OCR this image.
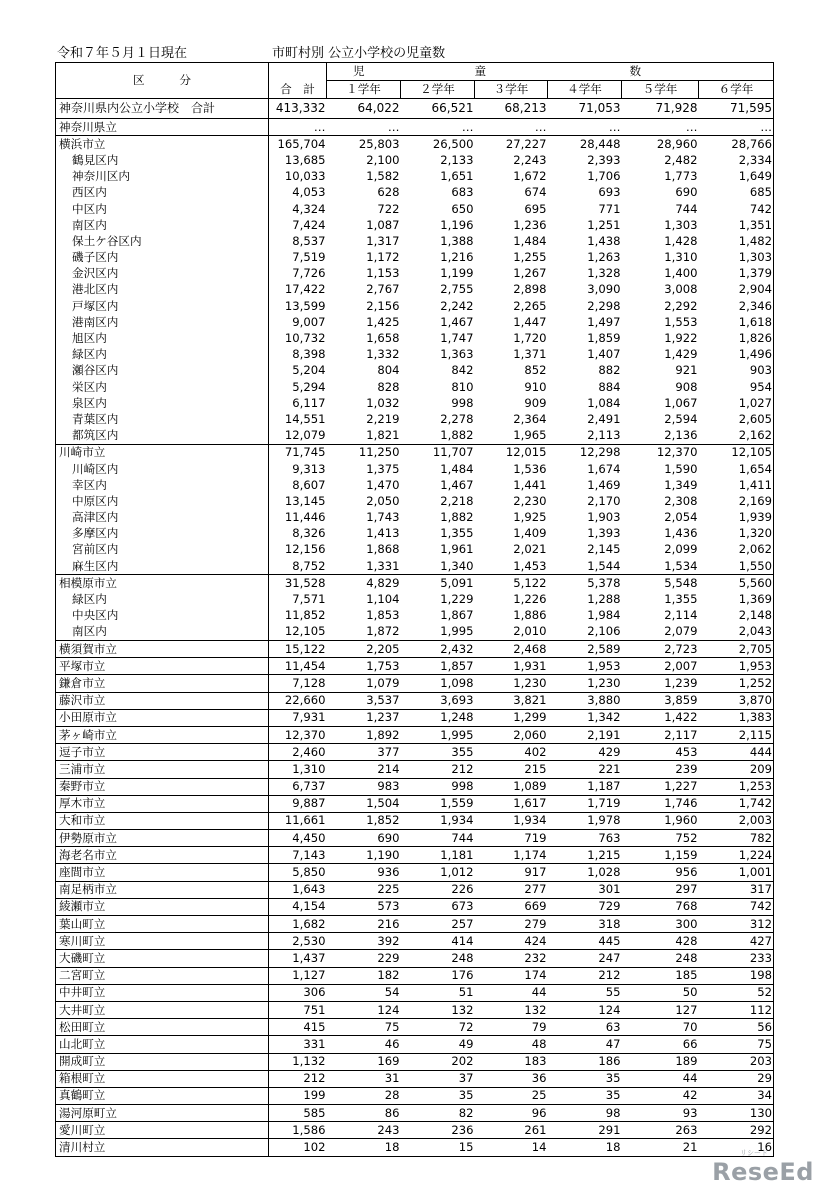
令和７年５月１日現在	市町村別 公立小学校の児童数
区　　　分		児		童		数	
	合　計	１学年	２学年	３学年	４学年	５学年	６学年
神奈川県内公立小学校　合計	413,332	64,022	66,521	68,213	71,053	71,928	71,595
神奈川県立	…	…	…	…	…	…	…
横浜市立	165,704	25,803	26,500	27,227	28,448	28,960	28,766
鶴見区内	13,685	2,100	2,133	2,243	2,393	2,482	2,334
神奈川区内	10,033	1,582	1,651	1,672	1,706	1,773	1,649
西区内	4,053	628	683	674	693	690	685
中区内	4,324	722	650	695	771	744	742
南区内	7,424	1,087	1,196	1,236	1,251	1,303	1,351
保土ケ谷区内	8,537	1,317	1,388	1,484	1,438	1,428	1,482
磯子区内	7,519	1,172	1,216	1,255	1,263	1,310	1,303
金沢区内	7,726	1,153	1,199	1,267	1,328	1,400	1,379
港北区内	17,422	2,767	2,755	2,898	3,090	3,008	2,904
戸塚区内	13,599	2,156	2,242	2,265	2,298	2,292	2,346
港南区内	9,007	1,425	1,467	1,447	1,497	1,553	1,618
旭区内	10,732	1,658	1,747	1,720	1,859	1,922	1,826
緑区内	8,398	1,332	1,363	1,371	1,407	1,429	1,496
瀬谷区内	5,204	804	842	852	882	921	903
栄区内	5,294	828	810	910	884	908	954
泉区内	6,117	1,032	998	909	1,084	1,067	1,027
青葉区内	14,551	2,219	2,278	2,364	2,491	2,594	2,605
都筑区内	12,079	1,821	1,882	1,965	2,113	2,136	2,162
川崎市立	71,745	11,250	11,707	12,015	12,298	12,370	12,105
川崎区内	9,313	1,375	1,484	1,536	1,674	1,590	1,654
幸区内	8,607	1,470	1,467	1,441	1,469	1,349	1,411
中原区内	13,145	2,050	2,218	2,230	2,170	2,308	2,169
高津区内	11,446	1,743	1,882	1,925	1,903	2,054	1,939
多摩区内	8,326	1,413	1,355	1,409	1,393	1,436	1,320
宮前区内	12,156	1,868	1,961	2,021	2,145	2,099	2,062
麻生区内	8,752	1,331	1,340	1,453	1,544	1,534	1,550
相模原市立	31,528	4,829	5,091	5,122	5,378	5,548	5,560
緑区内	7,571	1,104	1,229	1,226	1,288	1,355	1,369
中央区内	11,852	1,853	1,867	1,886	1,984	2,114	2,148
南区内	12,105	1,872	1,995	2,010	2,106	2,079	2,043
横須賀市立	15,122	2,205	2,432	2,468	2,589	2,723	2,705
平塚市立	11,454	1,753	1,857	1,931	1,953	2,007	1,953
鎌倉市立	7,128	1,079	1,098	1,230	1,230	1,239	1,252
藤沢市立	22,660	3,537	3,693	3,821	3,880	3,859	3,870
小田原市立	7,931	1,237	1,248	1,299	1,342	1,422	1,383
茅ヶ崎市立	12,370	1,892	1,995	2,060	2,191	2,117	2,115
逗子市立	2,460	377	355	402	429	453	444
三浦市立	1,310	214	212	215	221	239	209
秦野市立	6,737	983	998	1,089	1,187	1,227	1,253
厚木市立	9,887	1,504	1,559	1,617	1,719	1,746	1,742
大和市立	11,661	1,852	1,934	1,934	1,978	1,960	2,003
伊勢原市立	4,450	690	744	719	763	752	782
海老名市立	7,143	1,190	1,181	1,174	1,215	1,159	1,224
座間市立	5,850	936	1,012	917	1,028	956	1,001
南足柄市立	1,643	225	226	277	301	297	317
綾瀬市立	4,154	573	673	669	729	768	742
葉山町立	1,682	216	257	279	318	300	312
寒川町立	2,530	392	414	424	445	428	427
大磯町立	1,437	229	248	232	247	248	233
二宮町立	1,127	182	176	174	212	185	198
中井町立	306	54	51	44	55	50	52
大井町立	751	124	132	132	124	127	112
松田町立	415	75	72	79	63	70	56
山北町立	331	46	49	48	47	66	75
開成町立	1,132	169	202	183	186	189	203
箱根町立	212	31	37	36	35	44	29
真鶴町立	199	28	35	25	35	42	34
湯河原町立	585	86	82	96	98	93	130
愛川町立	1,586	243	236	261	291	263	292
清川村立	102	18	15	14	18	21	16
リシード
ReseEd
